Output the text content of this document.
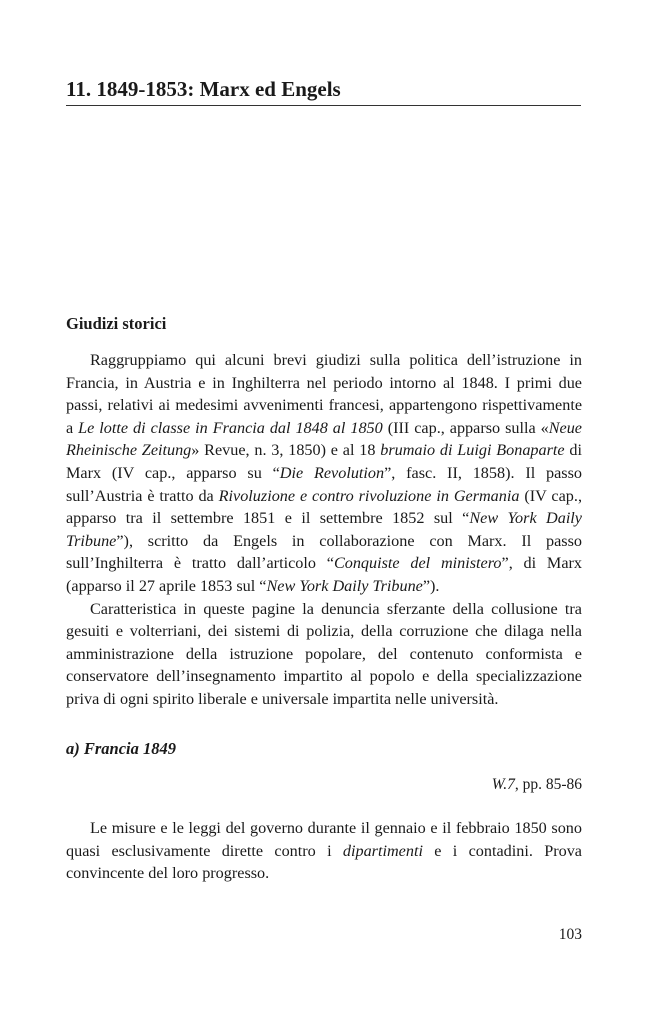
11. 1849-1853: Marx ed Engels
Giudizi storici

Raggruppiamo qui alcuni brevi giudizi sulla politica dell’istruzione in Francia, in Austria e in Inghilterra nel periodo intorno al 1848. I primi due passi, relativi ai medesimi avvenimenti francesi, appartengono rispettivamente a Le lotte di classe in Francia dal 1848 al 1850 (III cap., apparso sulla «Neue Rheinische Zeitung» Revue, n. 3, 1850) e al 18 brumaio di Luigi Bonaparte di Marx (IV cap., apparso su “Die Revolution”, fasc. II, 1858). Il passo sull’Austria è tratto da Rivoluzione e contro rivoluzione in Germania (IV cap., apparso tra il settembre 1851 e il settembre 1852 sul “New York Daily Tribune”), scritto da Engels in collaborazione con Marx. Il passo sull’Inghilterra è tratto dall’articolo “Conquiste del ministero”, di Marx (apparso il 27 aprile 1853 sul “New York Daily Tribune”).

Caratteristica in queste pagine la denuncia sferzante della collusione tra gesuiti e volterriani, dei sistemi di polizia, della corruzione che dilaga nella amministrazione della istruzione popolare, del contenuto conformista e conservatore dell’insegnamento impartito al popolo e della specializzazione priva di ogni spirito liberale e universale impartita nelle università.

a) Francia 1849

W.7, pp. 85-86

Le misure e le leggi del governo durante il gennaio e il febbraio 1850 sono quasi esclusivamente dirette contro i dipartimenti e i contadini. Prova convincente del loro progresso.

103
